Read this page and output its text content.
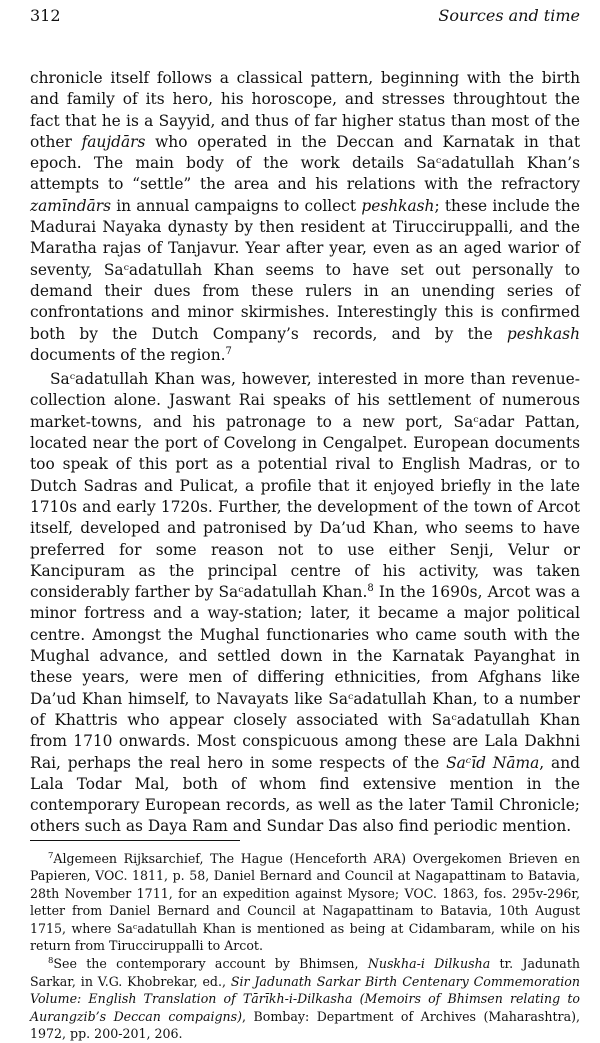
312	Sources and time

chronicle itself follows a classical pattern, beginning with the birth and family of its hero, his horoscope, and stresses throughtout the fact that he is a Sayyid, and thus of far higher status than most of the other faujdārs who operated in the Deccan and Karnatak in that epoch. The main body of the work details Saᶜadatullah Khan’s attempts to “settle” the area and his relations with the refractory zamīndārs in annual campaigns to collect peshkash; these include the Madurai Nayaka dynasty by then resident at Tirucciruppalli, and the Maratha rajas of Tanjavur. Year after year, even as an aged warior of seventy, Saᶜadatullah Khan seems to have set out personally to demand their dues from these rulers in an unending series of confrontations and minor skirmishes. Interestingly this is confirmed both by the Dutch Company’s records, and by the peshkash documents of the region.$^7$

Saᶜadatullah Khan was, however, interested in more than revenue-collection alone. Jaswant Rai speaks of his settlement of numerous market-towns, and his patronage to a new port, Saᶜadar Pattan, located near the port of Covelong in Cengalpet. European documents too speak of this port as a potential rival to English Madras, or to Dutch Sadras and Pulicat, a profile that it enjoyed briefly in the late 1710s and early 1720s. Further, the development of the town of Arcot itself, developed and patronised by Da’ud Khan, who seems to have preferred for some reason not to use either Senji, Velur or Kancipuram as the principal centre of his activity, was taken considerably farther by Saᶜadatullah Khan.$^8$ In the 1690s, Arcot was a minor fortress and a way-station; later, it became a major political centre. Amongst the Mughal functionaries who came south with the Mughal advance, and settled down in the Karnatak Payanghat in these years, were men of differing ethnicities, from Afghans like Da’ud Khan himself, to Navayats like Saᶜadatullah Khan, to a number of Khattris who appear closely associated with Saᶜadatullah Khan from 1710 onwards. Most conspicuous among these are Lala Dakhni Rai, perhaps the real hero in some respects of the Saᶜīd Nāma, and Lala Todar Mal, both of whom find extensive mention in the contemporary European records, as well as the later Tamil Chronicle; others such as Daya Ram and Sundar Das also find periodic mention.

$^7$Algemeen Rijksarchief, The Hague (Henceforth ARA) Overgekomen Brieven en Papieren, VOC. 1811, p. 58, Daniel Bernard and Council at Nagapattinam to Batavia, 28th November 1711, for an expedition against Mysore; VOC. 1863, fos. 295v-296r, letter from Daniel Bernard and Council at Nagapattinam to Batavia, 10th August 1715, where Saᶜadatullah Khan is mentioned as being at Cidambaram, while on his return from Tirucciruppalli to Arcot.

$^8$See the contemporary account by Bhimsen, Nuskha-i Dilkusha tr. Jadunath Sarkar, in V.G. Khobrekar, ed., Sir Jadunath Sarkar Birth Centenary Commemoration Volume: English Translation of Tārīkh-i-Dilkasha (Memoirs of Bhimsen relating to Aurangzib’s Deccan compaigns), Bombay: Department of Archives (Maharashtra), 1972, pp. 200-201, 206.
